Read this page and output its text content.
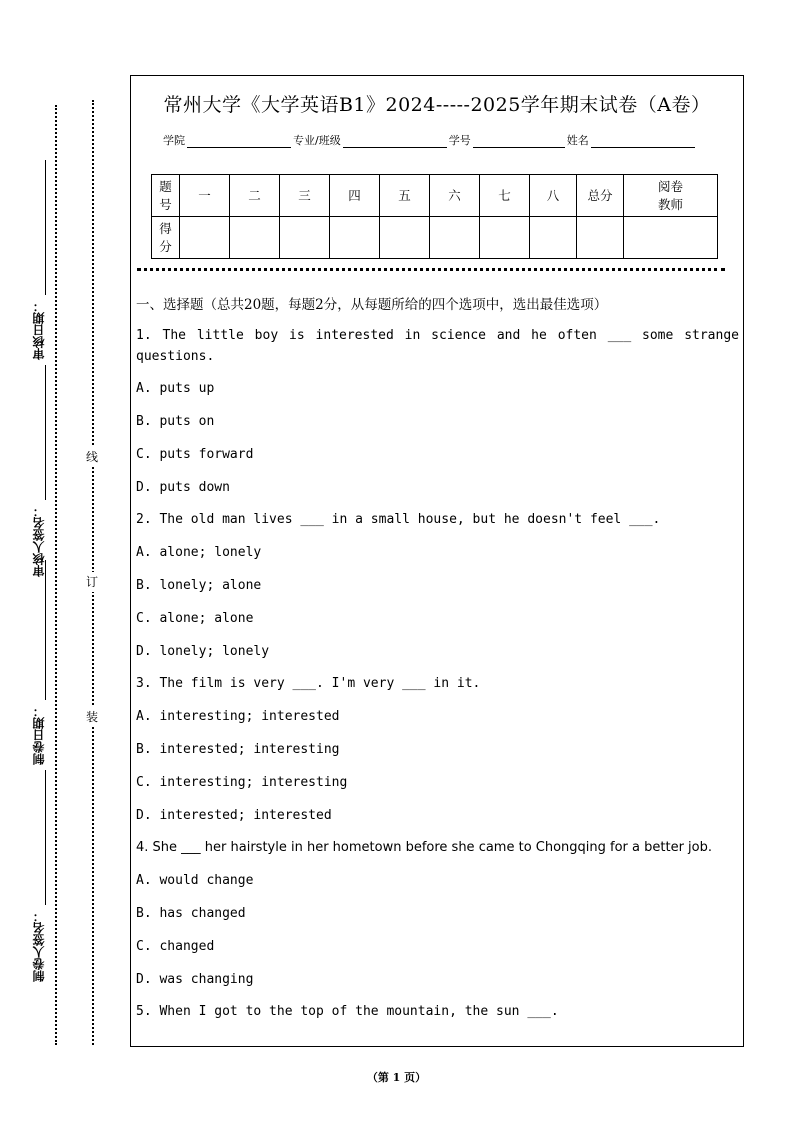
审核日期：
审核人签名：
制卷日期：
制卷人签名：
线
订
装
常州大学《大学英语B1》2024-----2025学年期末试卷（A卷）
学院	专业/班级	学号	姓名
题
号	一	二	三	四	五	六	七	八	总分	阅卷
教师
得
分										
一、选择题（总共20题，每题2分，从每题所给的四个选项中，选出最佳选项）
1. The little boy is interested in science and he often ___ some strange questions.
A. puts up
B. puts on
C. puts forward
D. puts down
2. The old man lives ___ in a small house, but he doesn't feel ___.
A. alone; lonely
B. lonely; alone
C. alone; alone
D. lonely; lonely
3. The film is very ___. I'm very ___ in it.
A. interesting; interested
B. interested; interesting
C. interesting; interesting
D. interested; interested
4. She ___ her hairstyle in her hometown before she came to Chongqing for a better job.
A. would change
B. has changed
C. changed
D. was changing
5. When I got to the top of the mountain, the sun ___.
（第 1 页）
